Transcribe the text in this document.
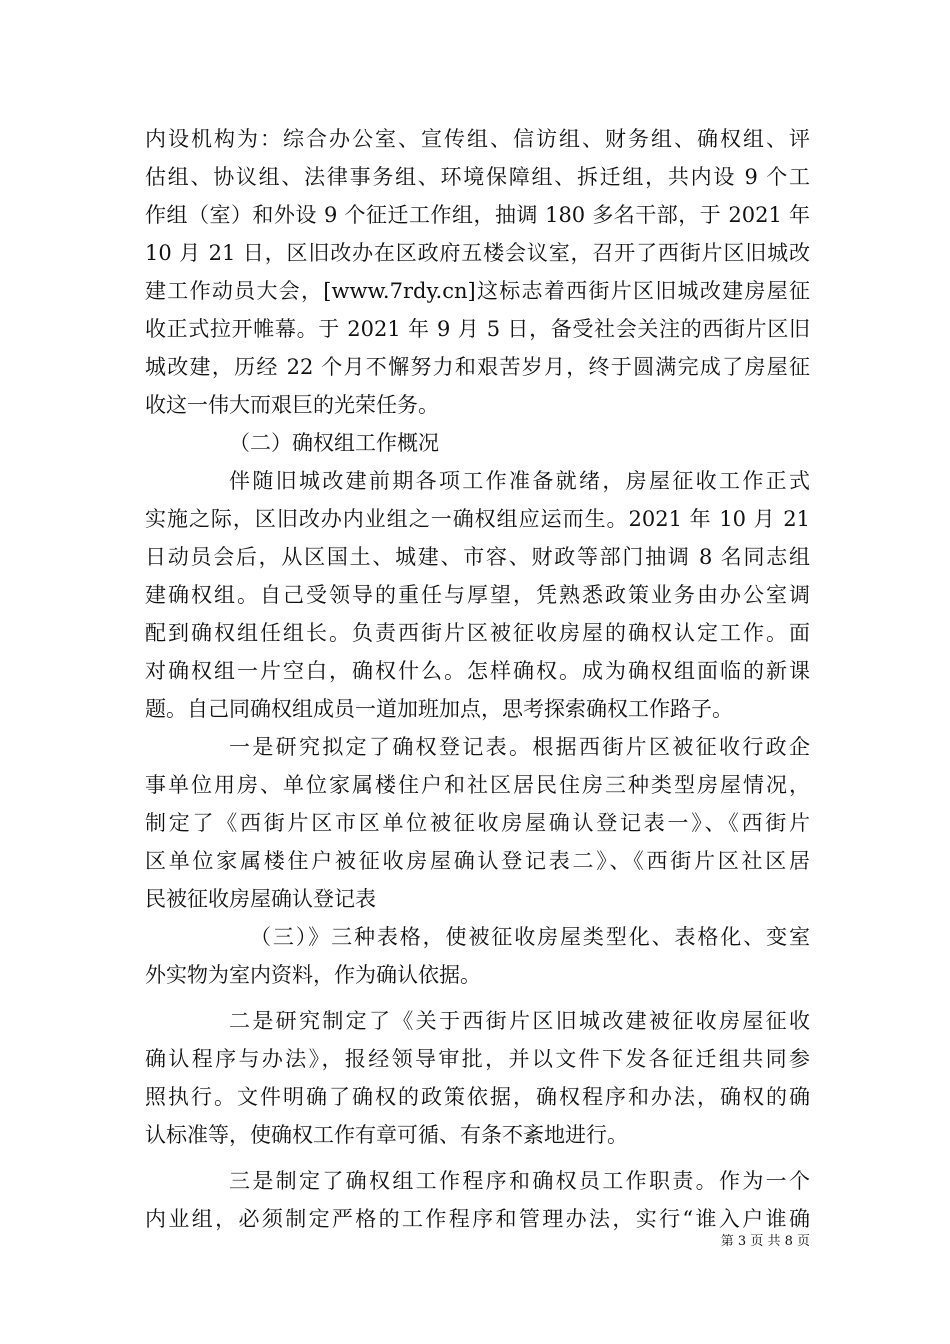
内设机构为：综合办公室、宣传组、信访组、财务组、确权组、评
估组、协议组、法律事务组、环境保障组、拆迁组，共内设 9 个工
作组（室）和外设 9 个征迁工作组，抽调 180 多名干部，于 2021 年
10 月 21 日，区旧改办在区政府五楼会议室，召开了西街片区旧城改
建工作动员大会，[www.7rdy.cn]这标志着西街片区旧城改建房屋征
收正式拉开帷幕。于 2021 年 9 月 5 日，备受社会关注的西街片区旧
城改建，历经 22 个月不懈努力和艰苦岁月，终于圆满完成了房屋征
收这一伟大而艰巨的光荣任务。
（二）确权组工作概况
伴随旧城改建前期各项工作准备就绪，房屋征收工作正式
实施之际，区旧改办内业组之一确权组应运而生。2021 年 10 月 21
日动员会后，从区国土、城建、市容、财政等部门抽调 8 名同志组
建确权组。自己受领导的重任与厚望，凭熟悉政策业务由办公室调
配到确权组任组长。负责西街片区被征收房屋的确权认定工作。面
对确权组一片空白，确权什么。怎样确权。成为确权组面临的新课
题。自己同确权组成员一道加班加点，思考探索确权工作路子。
一是研究拟定了确权登记表。根据西街片区被征收行政企
事单位用房、单位家属楼住户和社区居民住房三种类型房屋情况，
制定了《西街片区市区单位被征收房屋确认登记表一》、《西街片
区单位家属楼住户被征收房屋确认登记表二》、《西街片区社区居
民被征收房屋确认登记表
（三）》三种表格，使被征收房屋类型化、表格化、变室
外实物为室内资料，作为确认依据。
二是研究制定了《关于西街片区旧城改建被征收房屋征收
确认程序与办法》，报经领导审批，并以文件下发各征迁组共同参
照执行。文件明确了确权的政策依据，确权程序和办法，确权的确
认标准等，使确权工作有章可循、有条不紊地进行。
三是制定了确权组工作程序和确权员工作职责。作为一个
内业组，必须制定严格的工作程序和管理办法，实行“谁入户谁确
第 3 页 共 8 页
